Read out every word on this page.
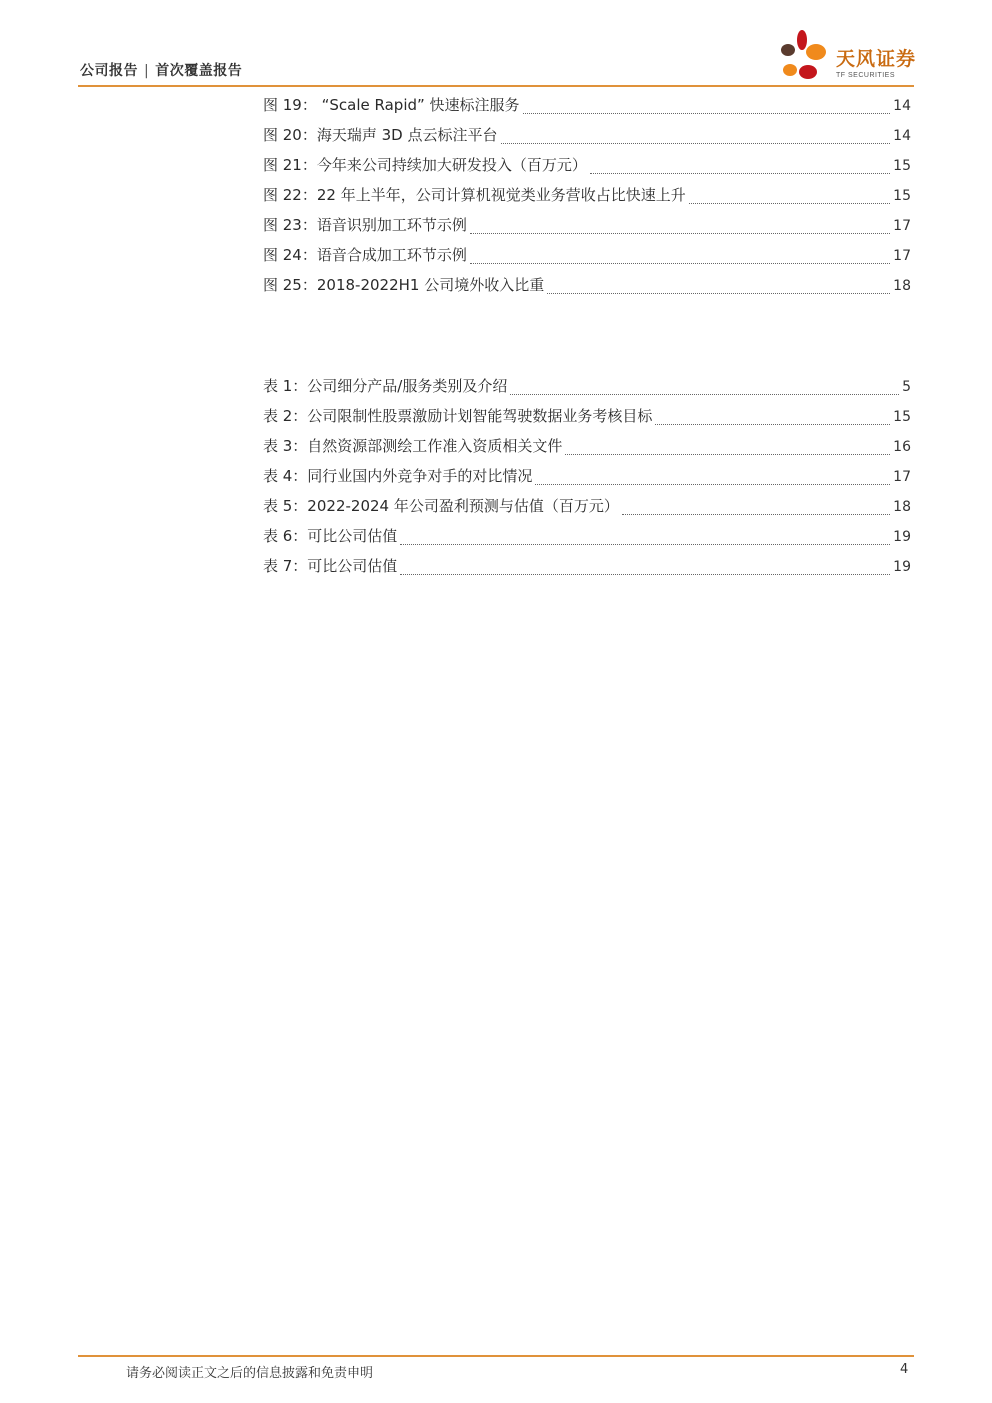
公司报告 | 首次覆盖报告
天风证券
TF SECURITIES
图 19： “Scale Rapid” 快速标注服务	14
图 20：海天瑞声 3D 点云标注平台	14
图 21：今年来公司持续加大研发投入（百万元）	15
图 22：22 年上半年，公司计算机视觉类业务营收占比快速上升	15
图 23：语音识别加工环节示例	17
图 24：语音合成加工环节示例	17
图 25：2018-2022H1 公司境外收入比重	18
表 1：公司细分产品/服务类别及介绍	5
表 2：公司限制性股票激励计划智能驾驶数据业务考核目标	15
表 3：自然资源部测绘工作准入资质相关文件	16
表 4：同行业国内外竞争对手的对比情况	17
表 5：2022-2024 年公司盈利预测与估值（百万元）	18
表 6：可比公司估值	19
表 7：可比公司估值	19
请务必阅读正文之后的信息披露和免责申明	4
